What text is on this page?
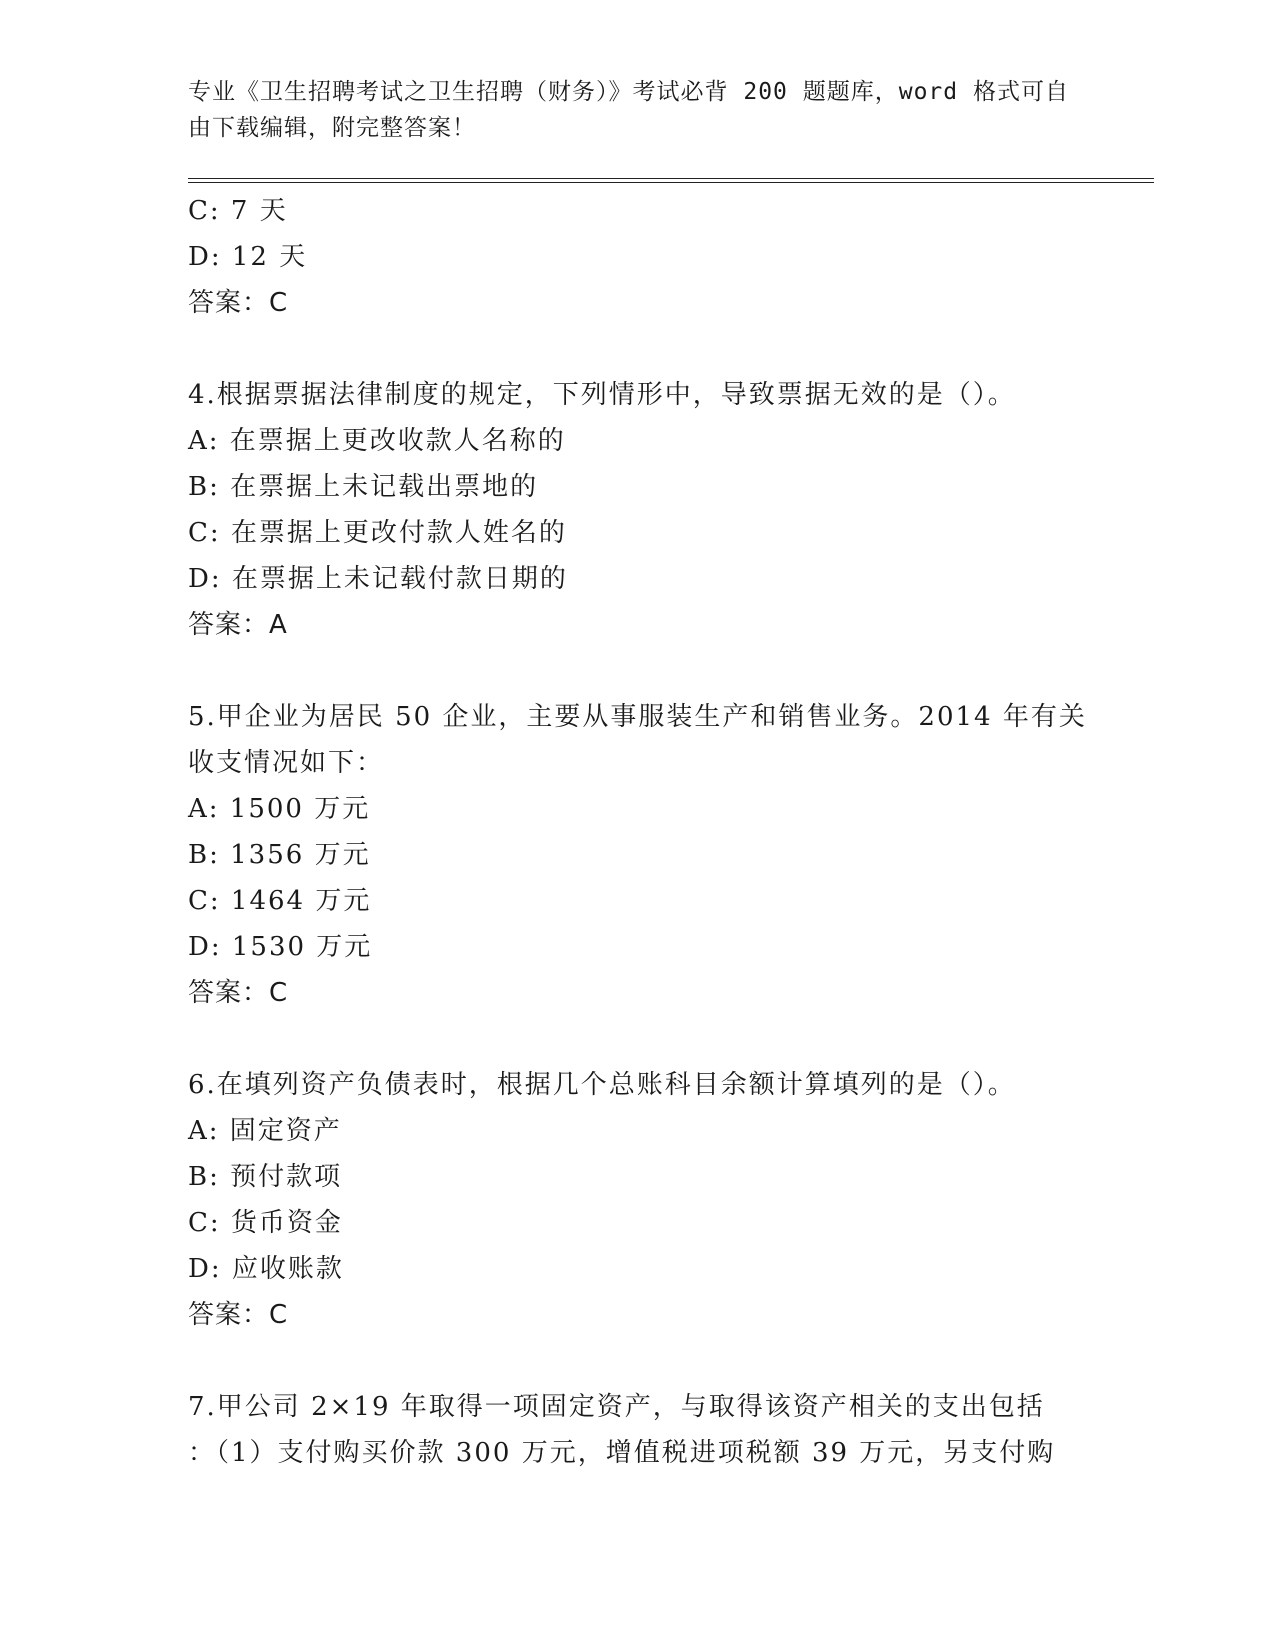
专业《卫生招聘考试之卫生招聘（财务）》考试必背 200 题题库，word 格式可自
由下载编辑，附完整答案！
C: 7 天
D: 12 天
答案：C
4.根据票据法律制度的规定，下列情形中，导致票据无效的是（）。
A: 在票据上更改收款人名称的
B: 在票据上未记载出票地的
C: 在票据上更改付款人姓名的
D: 在票据上未记载付款日期的
答案：A
5.甲企业为居民 50 企业，主要从事服装生产和销售业务。2014 年有关
收支情况如下：
A: 1500 万元
B: 1356 万元
C: 1464 万元
D: 1530 万元
答案：C
6.在填列资产负债表时，根据几个总账科目余额计算填列的是（）。
A: 固定资产
B: 预付款项
C: 货币资金
D: 应收账款
答案：C
7.甲公司 2×19 年取得一项固定资产，与取得该资产相关的支出包括
：（1）支付购买价款 300 万元，增值税进项税额 39 万元，另支付购
